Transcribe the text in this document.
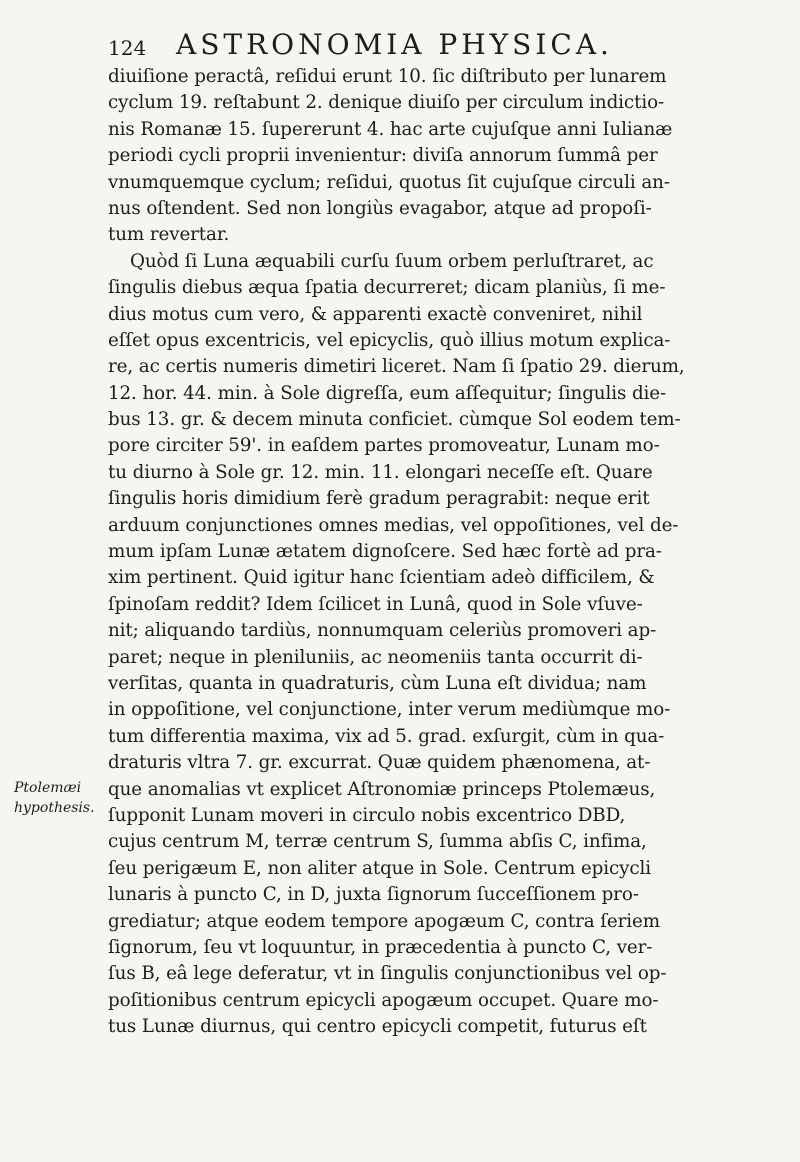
124 ASTRONOMIA PHYSICA.
Ptolemæi
hypothesis.
diuiſione peractâ, reſidui erunt 10. ſic diſtributo per lunarem
cyclum 19. reſtabunt 2. denique diuiſo per circulum indictio-
nis Romanæ 15. ſupererunt 4. hac arte cujuſque anni Iulianæ
periodi cycli proprii invenientur: diviſa annorum ſummâ per
vnumquemque cyclum; reſidui, quotus ſit cujuſque circuli an-
nus oſtendent. Sed non longiùs evagabor, atque ad propoſi-
tum revertar.
Quòd ſi Luna æquabili curſu ſuum orbem perluſtraret, ac
ſingulis diebus æqua ſpatia decurreret; dicam planiùs, ſi me-
dius motus cum vero, & apparenti exactè conveniret, nihil
eſſet opus excentricis, vel epicyclis, quò illius motum explica-
re, ac certis numeris dimetiri liceret. Nam ſi ſpatio 29. dierum,
12. hor. 44. min. à Sole digreſſa, eum aſſequitur; ſingulis die-
bus 13. gr. & decem minuta conficiet. cùmque Sol eodem tem-
pore circiter 59'. in eaſdem partes promoveatur, Lunam mo-
tu diurno à Sole gr. 12. min. 11. elongari neceſſe eſt. Quare
ſingulis horis dimidium ferè gradum peragrabit: neque erit
arduum conjunctiones omnes medias, vel oppoſitiones, vel de-
mum ipſam Lunæ ætatem dignoſcere. Sed hæc fortè ad pra-
xim pertinent. Quid igitur hanc ſcientiam adeò difficilem, &
ſpinoſam reddit? Idem ſcilicet in Lunâ, quod in Sole vſuve-
nit; aliquando tardiùs, nonnumquam celeriùs promoveri ap-
paret; neque in pleniluniis, ac neomeniis tanta occurrit di-
verſitas, quanta in quadraturis, cùm Luna eſt dividua; nam
in oppoſitione, vel conjunctione, inter verum mediùmque mo-
tum differentia maxima, vix ad 5. grad. exſurgit, cùm in qua-
draturis vltra 7. gr. excurrat. Quæ quidem phænomena, at-
que anomalias vt explicet Aſtronomiæ princeps Ptolemæus,
ſupponit Lunam moveri in circulo nobis excentrico DBD,
cujus centrum M, terræ centrum S, ſumma abſis C, infima,
ſeu perigæum E, non aliter atque in Sole. Centrum epicycli
lunaris à puncto C, in D, juxta ſignorum ſucceſſionem pro-
grediatur; atque eodem tempore apogæum C, contra ſeriem
ſignorum, ſeu vt loquuntur, in præcedentia à puncto C, ver-
ſus B, eâ lege deferatur, vt in ſingulis conjunctionibus vel op-
poſitionibus centrum epicycli apogæum occupet. Quare mo-
tus Lunæ diurnus, qui centro epicycli competit, futurus eſt
